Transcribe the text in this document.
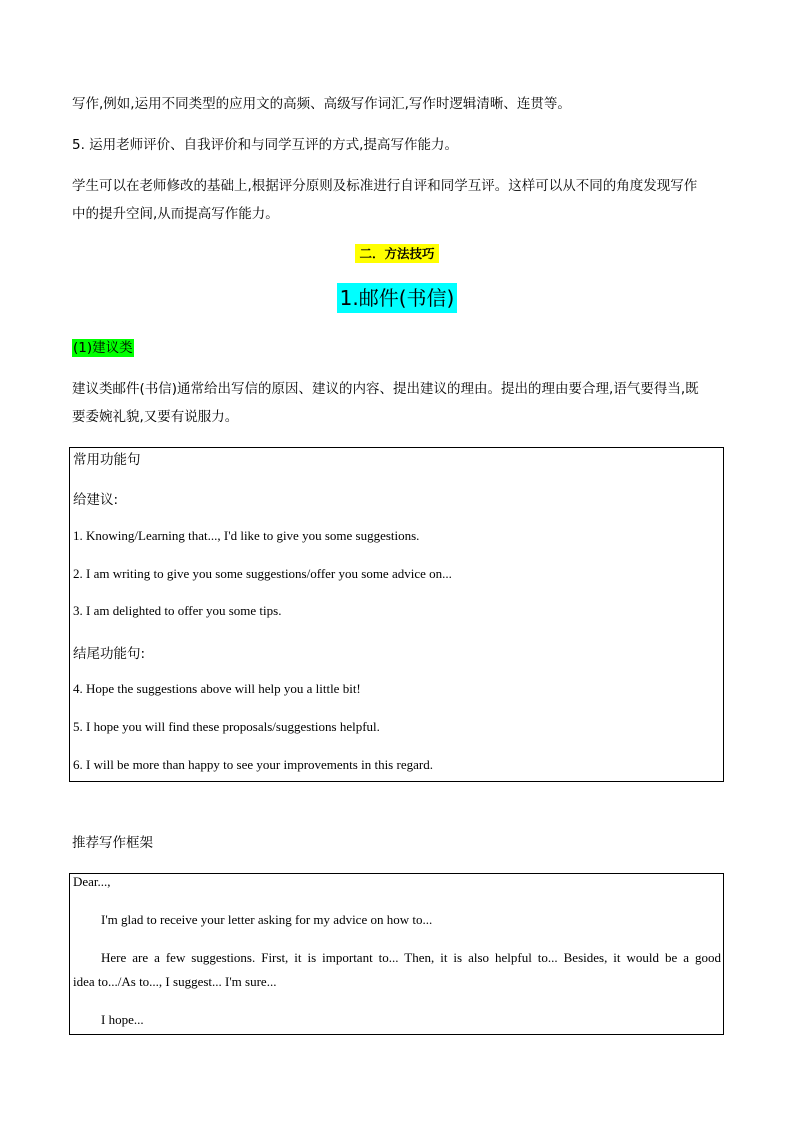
写作,例如,运用不同类型的应用文的高频、高级写作词汇,写作时逻辑清晰、连贯等。
5. 运用老师评价、自我评价和与同学互评的方式,提高写作能力。
学生可以在老师修改的基础上,根据评分原则及标准进行自评和同学互评。这样可以从不同的角度发现写作
中的提升空间,从而提高写作能力。
二．方法技巧
1.邮件(书信)
(1)建议类
建议类邮件(书信)通常给出写信的原因、建议的内容、提出建议的理由。提出的理由要合理,语气要得当,既
要委婉礼貌,又要有说服力。
常用功能句
给建议:
1. Knowing/Learning that..., I'd like to give you some suggestions.
2. I am writing to give you some suggestions/offer you some advice on...
3. I am delighted to offer you some tips.
结尾功能句:
4. Hope the suggestions above will help you a little bit!
5. I hope you will find these proposals/suggestions helpful.
6. I will be more than happy to see your improvements in this regard.
推荐写作框架
Dear...,
I'm glad to receive your letter asking for my advice on how to...
Here are a few suggestions. First, it is important to... Then, it is also helpful to... Besides, it would be a good
idea to.../As to..., I suggest... I'm sure...
I hope...
